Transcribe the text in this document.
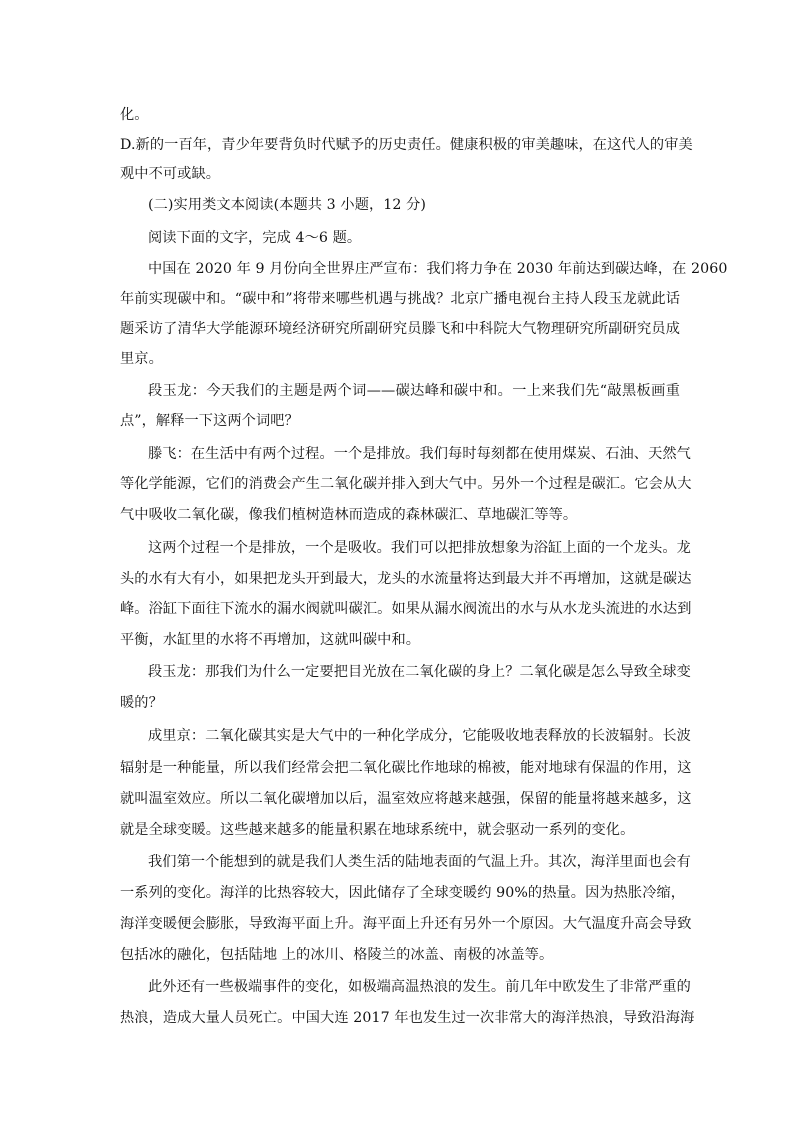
化。
D.新的一百年，青少年要背负时代赋予的历史责任。健康积极的审美趣味，在这代人的审美
观中不可或缺。
(二)实用类文本阅读(本题共 3 小题，12 分)
阅读下面的文字，完成 4～6 题。
中国在 2020 年 9 月份向全世界庄严宣布：我们将力争在 2030 年前达到碳达峰，在 2060
年前实现碳中和。“碳中和”将带来哪些机遇与挑战？北京广播电视台主持人段玉龙就此话
题采访了清华大学能源环境经济研究所副研究员滕飞和中科院大气物理研究所副研究员成
里京。
段玉龙：今天我们的主题是两个词——碳达峰和碳中和。一上来我们先“敲黑板画重
点”，解释一下这两个词吧？
滕飞：在生活中有两个过程。一个是排放。我们每时每刻都在使用煤炭、石油、天然气
等化学能源，它们的消费会产生二氧化碳并排入到大气中。另外一个过程是碳汇。它会从大
气中吸收二氧化碳，像我们植树造林而造成的森林碳汇、草地碳汇等等。
这两个过程一个是排放，一个是吸收。我们可以把排放想象为浴缸上面的一个龙头。龙
头的水有大有小，如果把龙头开到最大，龙头的水流量将达到最大并不再增加，这就是碳达
峰。浴缸下面往下流水的漏水阀就叫碳汇。如果从漏水阀流出的水与从水龙头流进的水达到
平衡，水缸里的水将不再增加，这就叫碳中和。
段玉龙：那我们为什么一定要把目光放在二氧化碳的身上？二氧化碳是怎么导致全球变
暖的？
成里京：二氧化碳其实是大气中的一种化学成分，它能吸收地表释放的长波辐射。长波
辐射是一种能量，所以我们经常会把二氧化碳比作地球的棉被，能对地球有保温的作用，这
就叫温室效应。所以二氧化碳增加以后，温室效应将越来越强，保留的能量将越来越多，这
就是全球变暖。这些越来越多的能量积累在地球系统中，就会驱动一系列的变化。
我们第一个能想到的就是我们人类生活的陆地表面的气温上升。其次，海洋里面也会有
一系列的变化。海洋的比热容较大，因此储存了全球变暖约 90%的热量。因为热胀冷缩，
海洋变暖便会膨胀，导致海平面上升。海平面上升还有另外一个原因。大气温度升高会导致
包括冰的融化，包括陆地 上的冰川、格陵兰的冰盖、南极的冰盖等。
此外还有一些极端事件的变化，如极端高温热浪的发生。前几年中欧发生了非常严重的
热浪，造成大量人员死亡。中国大连 2017 年也发生过一次非常大的海洋热浪，导致沿海海
